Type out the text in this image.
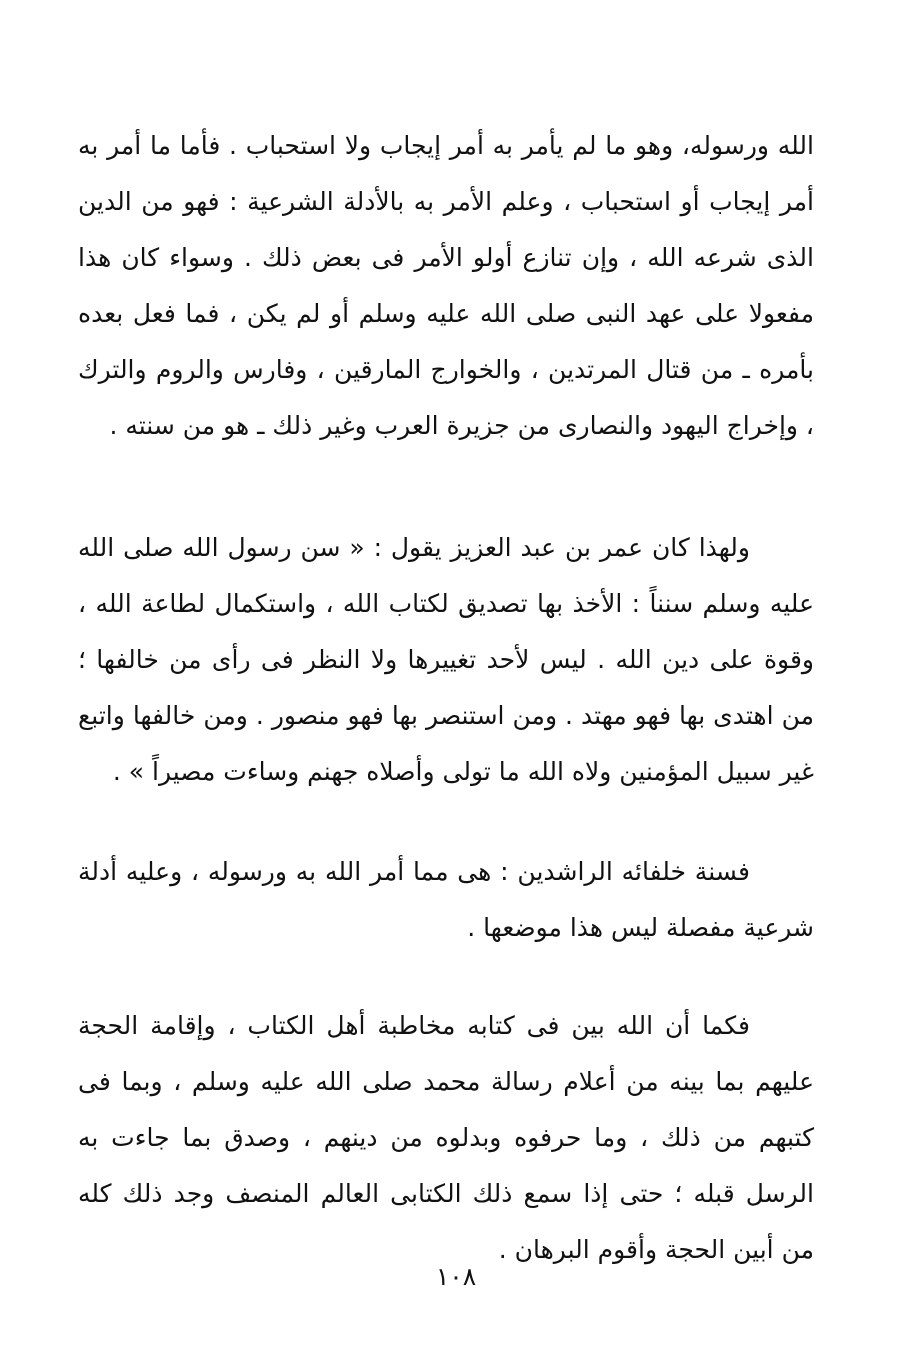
الله ورسوله، وهو ما لم يأمر به أمر إيجاب ولا استحباب . فأما ما أمر به أمر إيجاب أو استحباب ، وعلم الأمر به بالأدلة الشرعية : فهو من الدين الذى شرعه الله ، وإن تنازع أولو الأمر فى بعض ذلك . وسواء كان هذا مفعولا على عهد النبى صلى الله عليه وسلم أو لم يكن ، فما فعل بعده بأمره ـ من قتال المرتدين ، والخوارج المارقين ، وفارس والروم والترك ، وإخراج اليهود والنصارى من جزيرة العرب وغير ذلك ـ هو من سنته .

ولهذا كان عمر بن عبد العزيز يقول : « سن رسول الله صلى الله عليه وسلم سنناً : الأخذ بها تصديق لكتاب الله ، واستكمال لطاعة الله ، وقوة على دين الله . ليس لأحد تغييرها ولا النظر فى رأى من خالفها ؛ من اهتدى بها فهو مهتد . ومن استنصر بها فهو منصور . ومن خالفها واتبع غير سبيل المؤمنين ولاه الله ما تولى وأصلاه جهنم وساءت مصيراً » .

فسنة خلفائه الراشدين : هى مما أمر الله به ورسوله ، وعليه أدلة شرعية مفصلة ليس هذا موضعها .

فكما أن الله بين فى كتابه مخاطبة أهل الكتاب ، وإقامة الحجة عليهم بما بينه من أعلام رسالة محمد صلى الله عليه وسلم ، وبما فى كتبهم من ذلك ، وما حرفوه وبدلوه من دينهم ، وصدق بما جاءت به الرسل قبله ؛ حتى إذا سمع ذلك الكتابى العالم المنصف وجد ذلك كله من أبين الحجة وأقوم البرهان .

١٠٨
